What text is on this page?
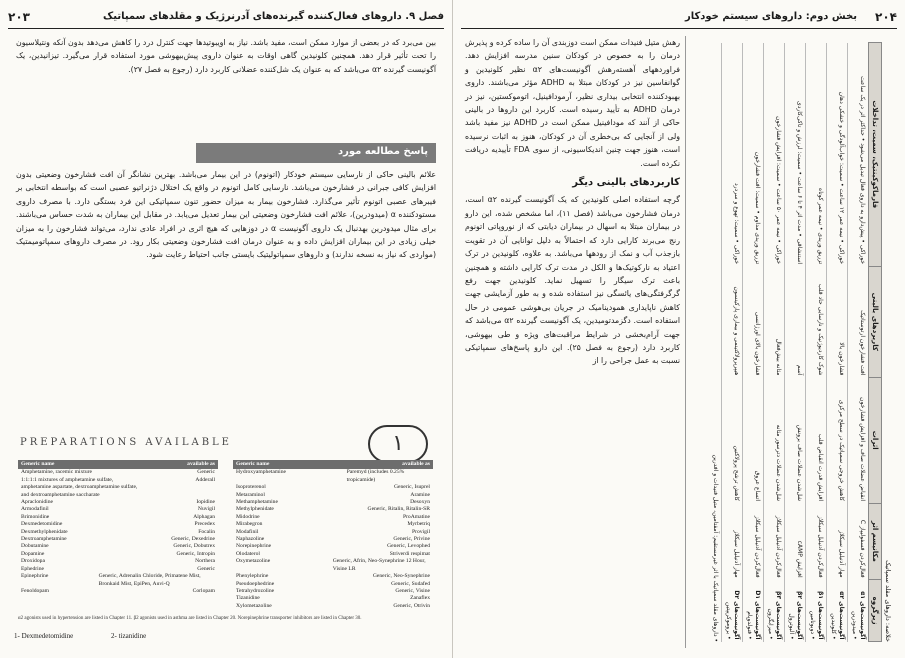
۲۰۳	فصل ۹. داروهای فعال‌کننده گیرنده‌های آدرنرژیک و مقلدهای سمپاتیک

بین می‌برد که در بعضی از موارد ممکن است، مفید باشد. نیاز به اویبوتیدها جهت کنترل درد را کاهش می‌دهد بدون آنکه ونتیلاسیون را تحت تأثیر قرار دهد. همچنین کلونیدین گاهی اوقات به عنوان داروی پیش‌بیهوشی مورد استفاده قرار می‌گیرد. تیزانیدین، یک آگونیست گیرنده α۲ می‌باشد که به عنوان یک شل‌کننده عضلانی کاربرد دارد (رجوع به فصل ۲۷).

پاسخ مطالعه مورد

علائم بالینی حاکی از نارسایی سیستم خودکار (اتونوم) در این بیمار می‌باشد. بهترین نشانگر آن افت فشارخون وضعیتی بدون افزایش کافی جبرانی در فشارخون می‌باشد. نارسایی کامل اتونوم در واقع یک اختلال دژنراتیو عصبی است که بواسطه انتخابی بر فیبرهای عصبی اتونوم تأثیر می‌گذارد. فشارخون بیمار به میزان حضور تنون سمپاتیکی این فرد بستگی دارد. با مصرف داروی مستودکننده α (میدودرین)، علائم افت فشارخون وضعیتی این بیمار تعدیل می‌یابد. در مقابل این بیماران به شدت حساس می‌باشند. برای مثال میدودرین بهدنبال یک داروی آگونیست α در دوزهایی که هیچ اثری در افراد عادی ندارد، می‌تواند فشارخون را به میزان خیلی زیادی در این بیماران افزایش داده و به عنوان درمان افت فشارخون وضعیتی بکار رود. در مصرف داروهای سمپاتومیمتیک (مواردی که نیاز به نسخه ندارند) و داروهای سمپاتولیتیک بایستی جانب احتیاط رعایت شود.

PREPARATIONS AVAILABLE	۱
Generic name	available as
Amphetamine, racemic mixture	Generic
1:1:1:1 mixtures of amphetamine sulfate, amphetamine aspartate, dextroamphetamine sulfate, and dextroamphetamine saccharate
Adderall
Apraclonidine	Iopidine
Armodafinil	Nuvigil
Brimonidine	Alphagan
Dexmedetomidine	Precedex
Dexmethylphenidate	Focalin
Dextroamphetamine	Generic, Dexedrine
Dobutamine	Generic, Dobutrex
Dopamine	Generic, Intropin
Droxidopa	Northera
Ephedrine	Generic
Epinephrine	Generic, Adrenalin Chloride, Primatene Mist, Bronkaid Mist, EpiPen, Auvi-Q
Fenoldopam	Corlopam
Generic name	available as
Hydroxyamphetamine	Paremyd (includes 0.25% tropicamide)
Isoproterenol	Generic, Isuprel
Metaraminol	Aramine
Methamphetamine	Desoxyn
Methylphenidate	Generic, Ritalin, Ritalin-SR
Midodrine	ProAmatine
Mirabegron	Myrbetriq
Modafinil	Provigil
Naphazoline	Generic, Privine
Norepinephrine	Generic, Levophed
Olodaterol	Striverdi respimat
Oxymetazoline	Generic, Afrin, Neo-Synephrine 12 Hour, Visine LR
Phenylephrine	Generic, Neo-Synephrine
Pseudoephedrine	Generic, Sudafed
Tetrahydrozoline	Generic, Visine
Tizanidine	Zanaflex
Xylometazoline	Generic, Otrivin
α2 agonists used in hypertension are listed in Chapter 11. β2 agonists used in asthma are listed in Chapter 20. Norepinephrine transporter inhibitors are listed in Chapter 30.
1- Dexmedetomidine	2- tizanidine
۲۰۴
بخش دوم: داروهای سیستم خودکار

رهش متیل فنیدات ممکن است دوزبندی آن را ساده کرده و پذیرش درمان را به خصوص در کودکان سنین مدرسه افزایش دهد. فراوردههای آهسته‌رهش آگونیست‌های α۲ نظیر کلونیدین و گوانفاسین نیز در کودکان مبتلا به ADHD مؤثر می‌باشند. داروی بهبودکننده انتخابی بیداری نظیر، آرمودافینیل، اتوموکستین، نیز در درمان ADHD به تأیید رسیده است. کاربرد این داروها در بالینی حاکی از آنند که مودافینیل ممکن است در ADHD نیز مفید باشد ولی از آنجایی که بی‌خطری آن در کودکان، هنوز به اثبات نرسیده است، هنوز جهت چنین اندیکاسیونی، از سوی FDA تأییدیه دریافت نکرده است.

کاربردهای بالینی دیگر

گرچه استفاده اصلی کلونیدین که یک آگونیست گیرنده α۲ است، درمان فشارخون می‌باشد (فصل ۱۱)، اما مشخص شده، این دارو در بیماران مبتلا به اسهال در بیماران دیابتی که از نوروپاتی اتونوم رنج می‌برند کارایی دارد که احتمالاً به دلیل توانایی آن در تقویت بازجذب آب و نمک از رودهها می‌باشد. به علاوه، کلونیدین در ترک اعتیاد به نارکوتیک‌ها و الکل در مدت ترک کارایی داشته و همچنین باعث ترک سیگار را تسهیل نماید. کلونیدین جهت رفع گرگرفتگی‌های یائسگی نیز استفاده شده و به طور آزمایشی جهت کاهش ناپایداری همودینامیک در جریان بی‌هوشی عمومی در حال استفاده است. دگزمدتومیدین، یک آگونیست گیرنده α۲ می‌باشد که جهت آرام‌بخشی در شرایط مراقبت‌های ویژه و طی بیهوشی، کاربرد دارد (رجوع به فصل ۲۵). این دارو پاسخ‌های سمپاتیکی نسبت به عمل جراحی را از

خلاصه: داروهای مقلد سمپاتیک
زیرگروه	مکانیسم اثر	اثرات	کاربردهای بالینی	فارماکوکینتیک، سمیت، تداخلات

آگونیست‌های α۱
• میدودرین	فعال‌کردن فسفولیپاز C	انقباض عضلات صاف و افزایش فشارخون	افت فشارخون ارتوستاتیک	خوراکی • پیش‌دارو به داروی فعال تبدیل می‌شود • حداکثر اثر در یک ساعت

آگونیست‌های α۲
• کلونیدین	مهار آدنیلیل سیکلاز	کاهش خروجی سمپاتیک در سطح مرکزی	فشارخون بالا	خوراکی • نیمه عمر ۱۲ ساعت • سمیت: خواب‌آلودگی و خشکی دهان

آگونیست‌های β۱
• دوبوتامین	فعال‌کردن آدنیلیل سیکلاز	افزایش قدرت انقباض قلب	شوک کاردیوژنیک و نارسایی حاد قلب	تزریق وریدی • نیمه عمر کوتاه

آگونیست‌های β۲
• آلبوترول	افزایش cAMP	شل‌شدن عضلات صاف برونش	آسم	استنشاقی • مدت اثر ۴ تا ۶ ساعت • سمیت: لرزش و تاکی‌کاردی

آگونیست‌های β۳
• میرابگرون	فعال‌کردن آدنیلیل سیکلاز	شل‌شدن عضلات دترسور مثانه	مثانه بیش‌فعال	خوراکی • نیمه عمر ۵۰ ساعت • سمیت: افزایش فشارخون

آگونیست‌های D۱
• فنولدوپام	فعال‌کردن آدنیلیل سیکلاز	اتساع عروق	فشارخون بالای اورژانسی	تزریق وریدی مداوم • سمیت: افت فشارخون

آگونیست‌های D۲
• بروموکریپتین	مهار آدنیلیل سیکلاز	کاهش ترشح پرولاکتین	هیپرپرولاکتینمی و بیماری پارکینسون	خوراکی • سمیت: تهوع و سردرد
• داروهای مقلد سمپاتیک با اثر غیرمستقیم: آمفتامین، متیل فنیدات و افدرین
